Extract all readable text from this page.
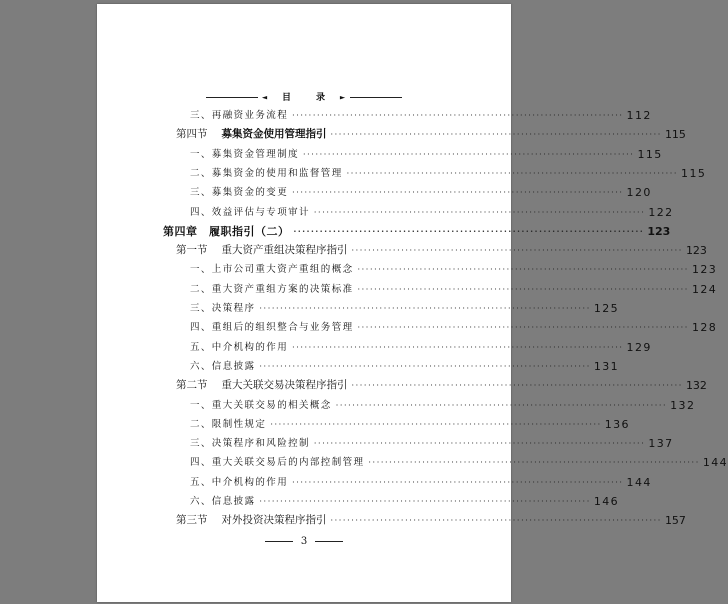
◄ 目	录 ►
三、再融资业务流程 ················································································ 112
第四节 募集资金使用管理指引 ················································································ 115
一、募集资金管理制度 ················································································ 115
二、募集资金的使用和监督管理 ················································································ 115
三、募集资金的变更 ················································································ 120
四、效益评估与专项审计 ················································································ 122
第四章　履职指引（二） ················································································ 123
第一节 重大资产重组决策程序指引 ················································································ 123
一、上市公司重大资产重组的概念 ················································································ 123
二、重大资产重组方案的决策标准 ················································································ 124
三、决策程序 ················································································ 125
四、重组后的组织整合与业务管理 ················································································ 128
五、中介机构的作用 ················································································ 129
六、信息披露 ················································································ 131
第二节 重大关联交易决策程序指引 ················································································ 132
一、重大关联交易的相关概念 ················································································ 132
二、限制性规定 ················································································ 136
三、决策程序和风险控制 ················································································ 137
四、重大关联交易后的内部控制管理 ················································································ 144
五、中介机构的作用 ················································································ 144
六、信息披露 ················································································ 146
第三节 对外投资决策程序指引 ················································································ 157
3
